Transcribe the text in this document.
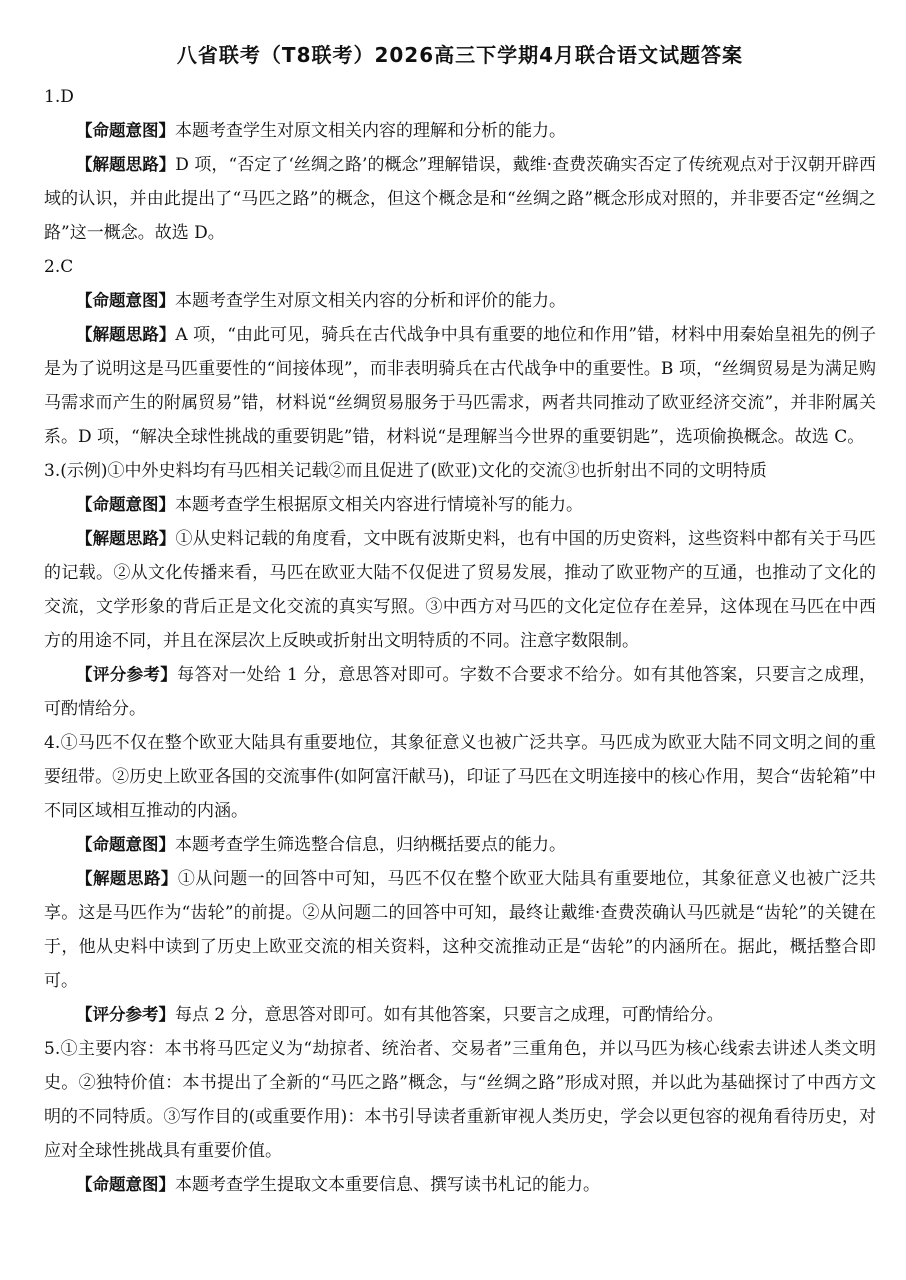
八省联考（T8联考）2026高三下学期4月联合语文试题答案

1.D

【命题意图】本题考查学生对原文相关内容的理解和分析的能力。

【解题思路】D 项，“否定了‘丝绸之路’的概念”理解错误，戴维·查费茨确实否定了传统观点对于汉朝开辟西域的认识，并由此提出了“马匹之路”的概念，但这个概念是和“丝绸之路”概念形成对照的，并非要否定“丝绸之路”这一概念。故选 D。

2.C

【命题意图】本题考查学生对原文相关内容的分析和评价的能力。

【解题思路】A 项，“由此可见，骑兵在古代战争中具有重要的地位和作用”错，材料中用秦始皇祖先的例子是为了说明这是马匹重要性的“间接体现”，而非表明骑兵在古代战争中的重要性。B 项，“丝绸贸易是为满足购马需求而产生的附属贸易”错，材料说“丝绸贸易服务于马匹需求，两者共同推动了欧亚经济交流”，并非附属关系。D 项，“解决全球性挑战的重要钥匙”错，材料说“是理解当今世界的重要钥匙”，选项偷换概念。故选 C。

3.(示例)①中外史料均有马匹相关记载②而且促进了(欧亚)文化的交流③也折射出不同的文明特质

【命题意图】本题考查学生根据原文相关内容进行情境补写的能力。

【解题思路】①从史料记载的角度看，文中既有波斯史料，也有中国的历史资料，这些资料中都有关于马匹的记载。②从文化传播来看，马匹在欧亚大陆不仅促进了贸易发展，推动了欧亚物产的互通，也推动了文化的交流，文学形象的背后正是文化交流的真实写照。③中西方对马匹的文化定位存在差异，这体现在马匹在中西方的用途不同，并且在深层次上反映或折射出文明特质的不同。注意字数限制。

【评分参考】每答对一处给 1 分，意思答对即可。字数不合要求不给分。如有其他答案，只要言之成理，可酌情给分。

4.①马匹不仅在整个欧亚大陆具有重要地位，其象征意义也被广泛共享。马匹成为欧亚大陆不同文明之间的重要纽带。②历史上欧亚各国的交流事件(如阿富汗献马)，印证了马匹在文明连接中的核心作用，契合“齿轮箱”中不同区域相互推动的内涵。

【命题意图】本题考查学生筛选整合信息，归纳概括要点的能力。

【解题思路】①从问题一的回答中可知，马匹不仅在整个欧亚大陆具有重要地位，其象征意义也被广泛共享。这是马匹作为“齿轮”的前提。②从问题二的回答中可知，最终让戴维·查费茨确认马匹就是“齿轮”的关键在于，他从史料中读到了历史上欧亚交流的相关资料，这种交流推动正是“齿轮”的内涵所在。据此，概括整合即可。

【评分参考】每点 2 分，意思答对即可。如有其他答案，只要言之成理，可酌情给分。

5.①主要内容：本书将马匹定义为“劫掠者、统治者、交易者”三重角色，并以马匹为核心线索去讲述人类文明史。②独特价值：本书提出了全新的“马匹之路”概念，与“丝绸之路”形成对照，并以此为基础探讨了中西方文明的不同特质。③写作目的(或重要作用)：本书引导读者重新审视人类历史，学会以更包容的视角看待历史，对应对全球性挑战具有重要价值。

【命题意图】本题考查学生提取文本重要信息、撰写读书札记的能力。
